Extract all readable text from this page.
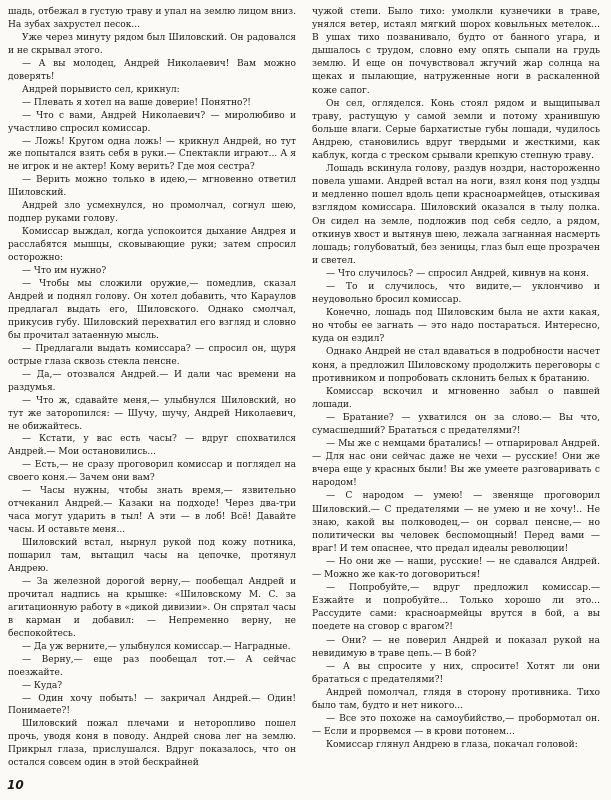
шадь, отбежал в густую траву и упал на землю лицом вниз. На зубах захрустел песок...

Уже через минуту рядом был Шиловский. Он радовался и не скрывал этого.

— А вы молодец, Андрей Николаевич! Вам можно доверять!

Андрей порывисто сел, крикнул:

— Плевать я хотел на ваше доверие! Понятно?!

— Что с вами, Андрей Николаевич? — миролюбиво и участливо спросил комиссар.

— Ложь! Кругом одна ложь! — крикнул Андрей, но тут же попытался взять себя в руки.— Спектакли играют... А я не игрок и не актер! Кому верить? Где моя сестра?

— Верить можно только в идею,— мгновенно ответил Шиловский.

Андрей зло усмехнулся, но промолчал, согнул шею, подпер руками голову.

Комиссар выждал, когда успокоится дыхание Андрея и расслабятся мышцы, сковывающие руки; затем спросил осторожно:

— Что им нужно?

— Чтобы мы сложили оружие,— помедлив, сказал Андрей и поднял голову. Он хотел добавить, что Караулов предлагал выдать его, Шиловского. Однако смолчал, прикусив губу. Шиловский перехватил его взгляд и словно бы прочитал затаенную мысль.

— Предлагали выдать комиссара? — спросил он, щуря острые глаза сквозь стекла пенсне.

— Да,— отозвался Андрей.— И дали час времени на раздумья.

— Что ж, сдавайте меня,— улыбнулся Шиловский, но тут же заторопился: — Шучу, шучу, Андрей Николаевич, не обижайтесь.

— Кстати, у вас есть часы? — вдруг спохватился Андрей.— Мои остановились...

— Есть,— не сразу проговорил комиссар и поглядел на своего коня.— Зачем они вам?

— Часы нужны, чтобы знать время,— язвительно отчеканил Андрей.— Казаки на подходе! Через два-три часа могут ударить в тыл! А эти — в лоб! Всё! Давайте часы. И оставьте меня...

Шиловский встал, нырнул рукой под кожу потника, пошарил там, вытащил часы на цепочке, протянул Андрею.

— За железной дорогой верну,— пообещал Андрей и прочитал надпись на крышке: «Шиловскому М. С. за агитационную работу в «дикой дивизии». Он спрятал часы в карман и добавил: — Непременно верну, не беспокойтесь.

— Да уж верните,— улыбнулся комиссар.— Наградные.

— Верну,— еще раз пообещал тот.— А сейчас поезжайте.

— Куда?

— Один хочу побыть! — закричал Андрей.— Один! Понимаете?!

Шиловский пожал плечами и неторопливо пошел прочь, уводя коня в поводу. Андрей снова лег на землю. Прикрыл глаза, прислушался. Вдруг показалось, что он остался совсем один в этой бескрайней

чужой степи. Было тихо: умолкли кузнечики в траве, унялся ветер, истаял мягкий шорох ковыльных метелок... В ушах тихо позванивало, будто от банного угара, и дышалось с трудом, словно ему опять сыпали на грудь землю. И еще он почувствовал жгучий жар солнца на щеках и пылающие, натруженные ноги в раскаленной коже сапог.

Он сел, огляделся. Конь стоял рядом и выщипывал траву, растущую у самой земли и потому хранившую больше влаги. Серые бархатистые губы лошади, чудилось Андрею, становились вдруг твердыми и жесткими, как каблук, когда с треском срывали крепкую степную траву.

Лошадь вскинула голову, раздув ноздри, настороженно повела ушами. Андрей встал на ноги, взял коня под уздцы и медленно пошел вдоль цепи красноармейцев, отыскивая взглядом комиссара. Шиловский оказался в тылу полка. Он сидел на земле, подложив под себя седло, а рядом, откинув хвост и вытянув шею, лежала загнанная насмерть лошадь; голубоватый, без зеницы, глаз был еще прозрачен и светел.

— Что случилось? — спросил Андрей, кивнув на коня.

— То и случилось, что видите,— уклончиво и неудовольно бросил комиссар.

Конечно, лошадь под Шиловским была не ахти какая, но чтобы ее загнать — это надо постараться. Интересно, куда он ездил?

Однако Андрей не стал вдаваться в подробности насчет коня, а предложил Шиловскому продолжить переговоры с противником и попробовать склонить белых к братанию.

Комиссар вскочил и мгновенно забыл о павшей лошади.

— Братание? — ухватился он за слово.— Вы что, сумасшедший? Брататься с предателями?!

— Мы же с немцами братались! — отпарировал Андрей.— Для нас они сейчас даже не чехи — русские! Они же вчера еще у красных были! Вы же умеете разговаривать с народом!

— С народом — умею! — звеняще проговорил Шиловский.— С предателями — не умею и не хочу!.. Не знаю, какой вы полководец,— он сорвал пенсне,— но политически вы человек беспомощный! Перед вами — враг! И тем опаснее, что предал идеалы революции!

— Но они же — наши, русские! — не сдавался Андрей.— Можно же как-то договориться!

— Попробуйте,— вдруг предложил комиссар.— Езжайте и попробуйте... Только хорошо ли это... Рассудите сами: красноармейцы врутся в бой, а вы поедете на сговор с врагом?!

— Они? — не поверил Андрей и показал рукой на невидимую в траве цепь.— В бой?

— А вы спросите у них, спросите! Хотят ли они брататься с предателями?!

Андрей помолчал, глядя в сторону противника. Тихо было там, будто и нет никого...

— Все это похоже на самоубийство,— пробормотал он.— Если и прорвемся — в крови потонем...

Комиссар глянул Андрею в глаза, покачал головой:

10
